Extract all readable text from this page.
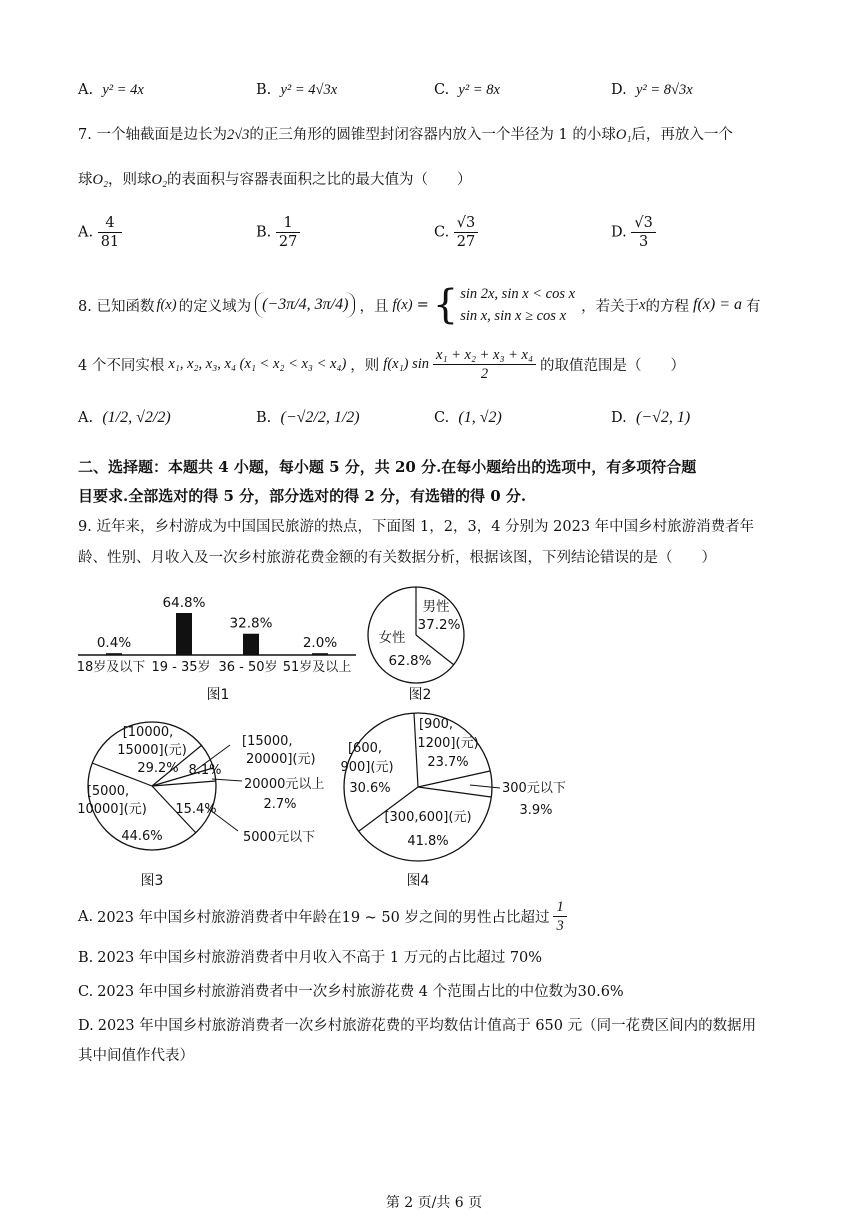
A. y² = 4x	B. y² = 4√3x	C. y² = 8x	D. y² = 8√3x
7. 一个轴截面是边长为2√3的正三角形的圆锥型封闭容器内放入一个半径为 1 的小球O₁后，再放入一个
球O₂，则球O₂的表面积与容器表面积之比的最大值为（　　）
A. $\frac{4}{81}$	B. $\frac{1}{27}$	C. $\frac{√3}{27}$	D. $\frac{√3}{3}$
8. 已知函数 f(x) 的定义域为 (−3π/4, 3π/4) ，且 f(x) = { sin 2x, sin x < cos x
sin x, sin x ≥ cos x
，若关于 x 的方程 f(x) = a 有
4 个不同实根 x₁, x₂, x₃, x₄ (x₁ < x₂ < x₃ < x₄) ，则 f(x₁) $\sin \frac{\text{x₁ + x₂ + x₃ + x₄}}{2}$ 的取值范围是（　　）
A. (1/2, √2/2)	B. (−√2/2, 1/2)	C. (1, √2)	D. (−√2, 1)
二、选择题：本题共 4 小题，每小题 5 分，共 20 分.在每小题给出的选项中，有多项符合题
目要求.全部选对的得 5 分，部分选对的得 2 分，有选错的得 0 分.
9. 近年来，乡村游成为中国国民旅游的热点，下面图 1，2，3，4 分别为 2023 年中国乡村旅游消费者年
龄、性别、月收入及一次乡村旅游花费金额的有关数据分析，根据该图，下列结论错误的是（　　）
0.4%
18岁及以下
64.8%
19 - 35岁
32.8%
36 - 50岁
2.0%
51岁及以上
图1
男性
37.2%
女性
62.8%
图2
[10000,
15000](元)
29.2% 8.1%
[15000,
20000](元)
20000元以上
2.7%
15.4%
5000元以下
[5000,
10000](元)
44.6%
图3
[900,
1200](元)
23.7%
300元以下
3.9%
[300,600](元)
41.8%
[600,
900](元)
30.6%
图4
A. 2023 年中国乡村旅游消费者中年龄在19 ~ 50 岁之间的男性占比超过 $\frac{1}{3}$
B. 2023 年中国乡村旅游消费者中月收入不高于 1 万元的占比超过 70%
C. 2023 年中国乡村旅游消费者中一次乡村旅游花费 4 个范围占比的中位数为30.6%
D. 2023 年中国乡村旅游消费者一次乡村旅游花费的平均数估计值高于 650 元（同一花费区间内的数据用
其中间值作代表）
第 2 页/共 6 页
